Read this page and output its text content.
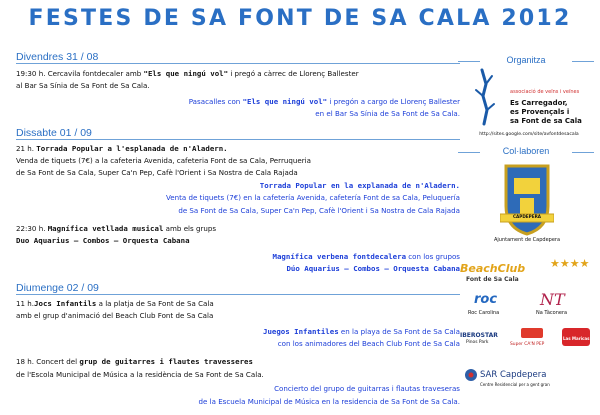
FESTES DE SA FONT DE SA CALA 2012
Divendres 31 / 08
19:30 h. Cercavila fontdecaler amb "Els que ningú vol" i pregó a càrrec de Llorenç Ballester
al Bar Sa Sínia de Sa Font de Sa Cala.
Pasacalles con "Els que ningú vol" i pregón a cargo de Llorenç Ballester
en el Bar Sa Sínia de Sa Font de Sa Cala.
Dissabte 01 / 09
21 h. Torrada Popular a l'esplanada de n'Aladern.
Venda de tiquets (7€) a la cafeteria Avenida, cafeteria Font de sa Cala, Perruqueria
de Sa Font de Sa Cala, Super Ca'n Pep, Cafè l'Orient i Sa Nostra de Cala Rajada
Torrada Popular en la explanada de n'Aladern.
Venta de tiquets (7€) en la cafetería Avenida, cafetería Font de sa Cala, Peluquería
de Sa Font de Sa Cala, Super Ca'n Pep, Cafè l'Orient i Sa Nostra de Cala Rajada
22:30 h. Magnífica vetllada musical amb els grups
Duo Aquarius – Combos – Orquesta Cabana
Magnífica verbena fontdecalera con los grupos
Dúo Aquarius – Combos – Orquesta Cabana
Diumenge 02 / 09
11 h.Jocs Infantils a la platja de Sa Font de Sa Cala
amb el grup d'animació del Beach Club Font de Sa Cala
Juegos Infantiles en la playa de Sa Font de Sa Cala
con los animadores del Beach Club Font de Sa Cala
18 h. Concert del grup de guitarres i flautes travesseres
de l'Escola Municipal de Música a la residència de Sa Font de Sa Cala.
Concierto del grupo de guitarras i flautas traveseras
de la Escuela Municipal de Música en la residencia de Sa Font de Sa Cala.
Organitza
associació de veïns i veïnes
Es Carregador,
es Provençals i
sa Font de sa Cala
http://sites.google.com/site/avfontdesacala
Col·laboren
CAPDEPERA
Ajuntament de Capdepera
BeachClub
Font de Sa Cala
★★★★
roc
Roc Carolina
NT
Na Tàconera
IBEROSTAR
Pinos Park	Super CA'N PEP
Las Maricas
SAR Capdepera
Centre Residencial per a gent gran
